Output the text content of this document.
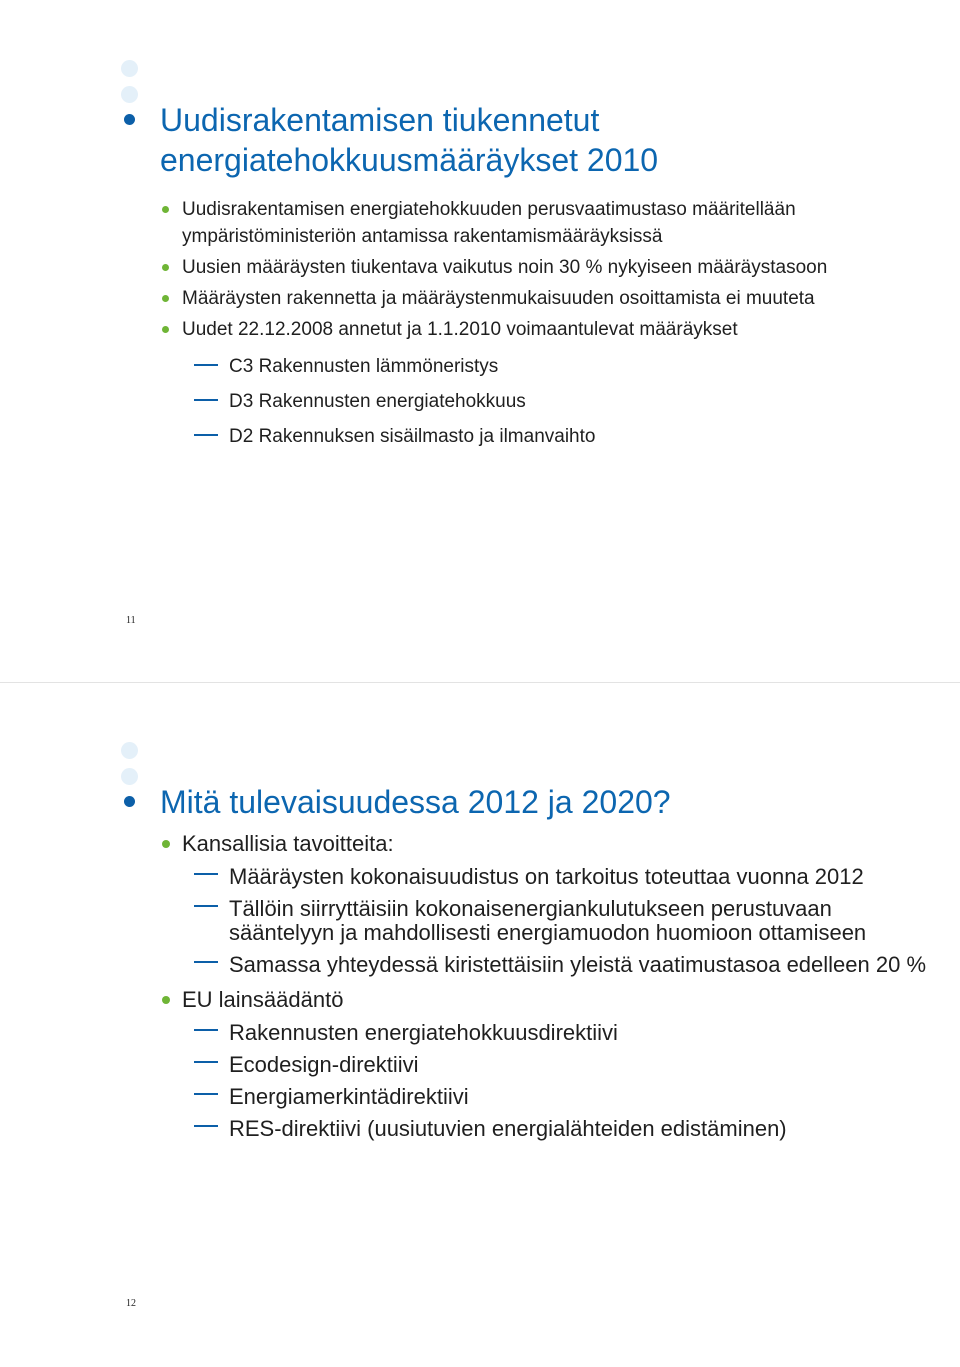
Uudisrakentamisen tiukennetut energiatehokkuusmääräykset 2010
Uudisrakentamisen energiatehokkuuden perusvaatimustaso määritellään ympäristöministeriön antamissa rakentamismääräyksissä
Uusien määräysten tiukentava vaikutus noin 30 % nykyiseen määräystasoon
Määräysten rakennetta ja määräystenmukaisuuden osoittamista ei muuteta
Uudet 22.12.2008 annetut ja 1.1.2010 voimaantulevat määräykset
C3 Rakennusten lämmöneristys
D3 Rakennusten energiatehokkuus
D2 Rakennuksen sisäilmasto ja ilmanvaihto
11
Mitä tulevaisuudessa 2012 ja 2020?
Kansallisia tavoitteita:
Määräysten kokonaisuudistus on tarkoitus toteuttaa vuonna 2012
Tällöin siirryttäisiin kokonaisenergiankulutukseen perustuvaan sääntelyyn ja mahdollisesti energiamuodon huomioon ottamiseen
Samassa yhteydessä kiristettäisiin yleistä vaatimustasoa edelleen 20 %
EU lainsäädäntö
Rakennusten energiatehokkuusdirektiivi
Ecodesign-direktiivi
Energiamerkintädirektiivi
RES-direktiivi (uusiutuvien energialähteiden edistäminen)
12
